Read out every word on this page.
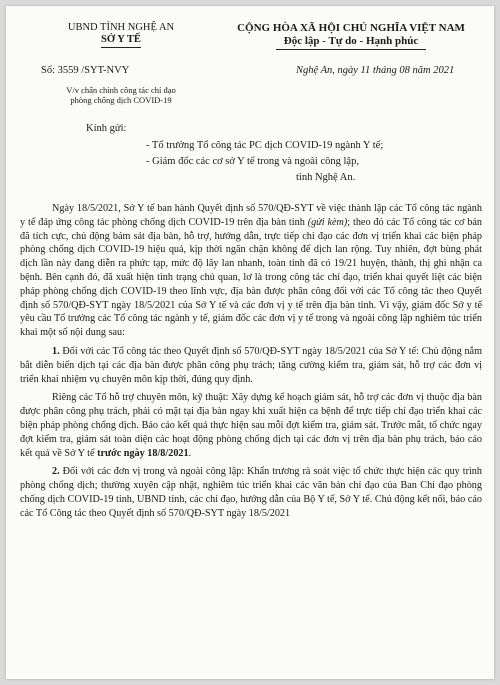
UBND TỈNH NGHỆ AN
SỞ Y TẾ
CỘNG HÒA XÃ HỘI CHỦ NGHĨA VIỆT NAM
Độc lập - Tự do - Hạnh phúc
Số: 3559 /SYT-NVY	Nghệ An, ngày 11 tháng 08 năm 2021
V/v chấn chỉnh công tác chỉ đạo
phòng chống dịch COVID-19
Kính gửi:
- Tổ trưởng Tổ công tác PC dịch COVID-19 ngành Y tế;
- Giám đốc các cơ sở Y tế trong và ngoài công lập,
tỉnh Nghệ An.

Ngày 18/5/2021, Sở Y tế ban hành Quyết định số 570/QĐ-SYT về việc thành lập các Tổ công tác ngành y tế đáp ứng công tác phòng chống dịch COVID-19 trên địa bàn tỉnh (gửi kèm); theo đó các Tổ công tác cơ bản đã tích cực, chủ động bám sát địa bàn, hỗ trợ, hướng dẫn, trực tiếp chỉ đạo các đơn vị triển khai các biện pháp phòng chống dịch COVID-19 hiệu quả, kịp thời ngăn chặn không để dịch lan rộng. Tuy nhiên, đợt bùng phát dịch lần này đang diễn ra phức tạp, mức độ lây lan nhanh, toàn tỉnh đã có 19/21 huyện, thành, thị ghi nhận ca bệnh. Bên cạnh đó, đã xuất hiện tình trạng chủ quan, lơ là trong công tác chỉ đạo, triển khai quyết liệt các biện pháp phòng chống dịch COVID-19 theo lĩnh vực, địa bàn được phân công đối với các Tổ công tác theo Quyết định số 570/QĐ-SYT ngày 18/5/2021 của Sở Y tế và các đơn vị y tế trên địa bàn tỉnh. Vì vậy, giám đốc Sở y tế yêu cầu Tổ trưởng các Tổ công tác ngành y tế, giám đốc các đơn vị y tế trong và ngoài công lập nghiêm túc triển khai một số nội dung sau:

1. Đối với các Tổ công tác theo Quyết định số 570/QĐ-SYT ngày 18/5/2021 của Sở Y tế: Chủ động nắm bắt diễn biến dịch tại các địa bàn được phân công phụ trách; tăng cường kiểm tra, giám sát, hỗ trợ các đơn vị triển khai nhiệm vụ chuyên môn kịp thời, đúng quy định.

Riêng các Tổ hỗ trợ chuyên môn, kỹ thuật: Xây dựng kế hoạch giám sát, hỗ trợ các đơn vị thuộc địa bàn được phân công phụ trách, phải có mặt tại địa bàn ngay khi xuất hiện ca bệnh để trực tiếp chỉ đạo triển khai các biện pháp phòng chống dịch. Báo cáo kết quả thực hiện sau mỗi đợt kiểm tra, giám sát. Trước mắt, tổ chức ngay đợt kiểm tra, giám sát toàn diện các hoạt động phòng chống dịch tại các đơn vị trên địa bàn phụ trách, báo cáo kết quả về Sở Y tế trước ngày 18/8/2021.

2. Đối với các đơn vị trong và ngoài công lập: Khẩn trương rà soát việc tổ chức thực hiện các quy trình phòng chống dịch; thường xuyên cập nhật, nghiêm túc triển khai các văn bản chỉ đạo của Ban Chỉ đạo phòng chống dịch COVID-19 tỉnh, UBND tỉnh, các chỉ đạo, hướng dẫn của Bộ Y tế, Sở Y tế. Chủ động kết nối, báo cáo các Tổ Công tác theo Quyết định số 570/QĐ-SYT ngày 18/5/2021
